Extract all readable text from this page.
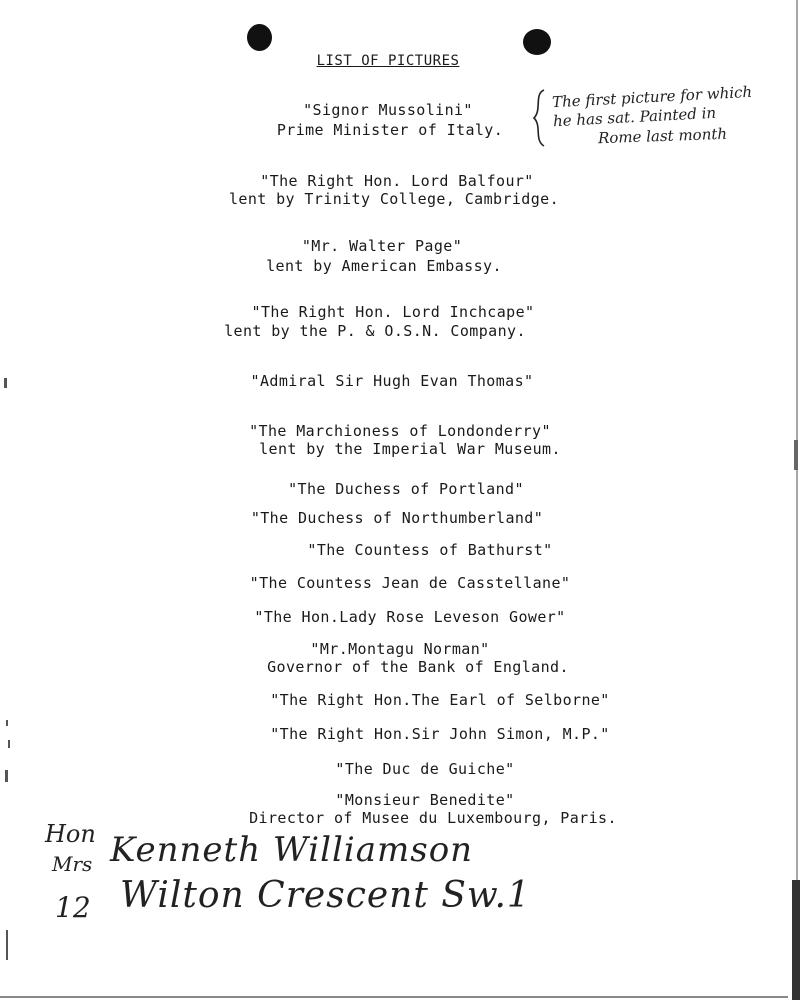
LIST OF PICTURES
"Signor Mussolini"
Prime Minister of Italy.
"The Right Hon. Lord Balfour"
lent by Trinity College, Cambridge.
"Mr. Walter Page"
lent by American Embassy.
"The Right Hon. Lord Inchcape"
lent by the P. & O.S.N. Company.
"Admiral Sir Hugh Evan Thomas"
"The Marchioness of Londonderry"
lent by the Imperial War Museum.
"The Duchess of Portland"
"The Duchess of Northumberland"
"The Countess of Bathurst"
"The Countess Jean de Casstellane"
"The Hon.Lady Rose Leveson Gower"
"Mr.Montagu Norman"
Governor of the Bank of England.
"The Right Hon.The Earl of Selborne"
"The Right Hon.Sir John Simon, M.P."
"The Duc de Guiche"
"Monsieur Benedite"
Director of Musee du Luxembourg, Paris.
The first picture for which
he has sat. Painted in
Rome last month
Hon Kenneth Williamson
Mrs
12 Wilton Crescent Sw.1
